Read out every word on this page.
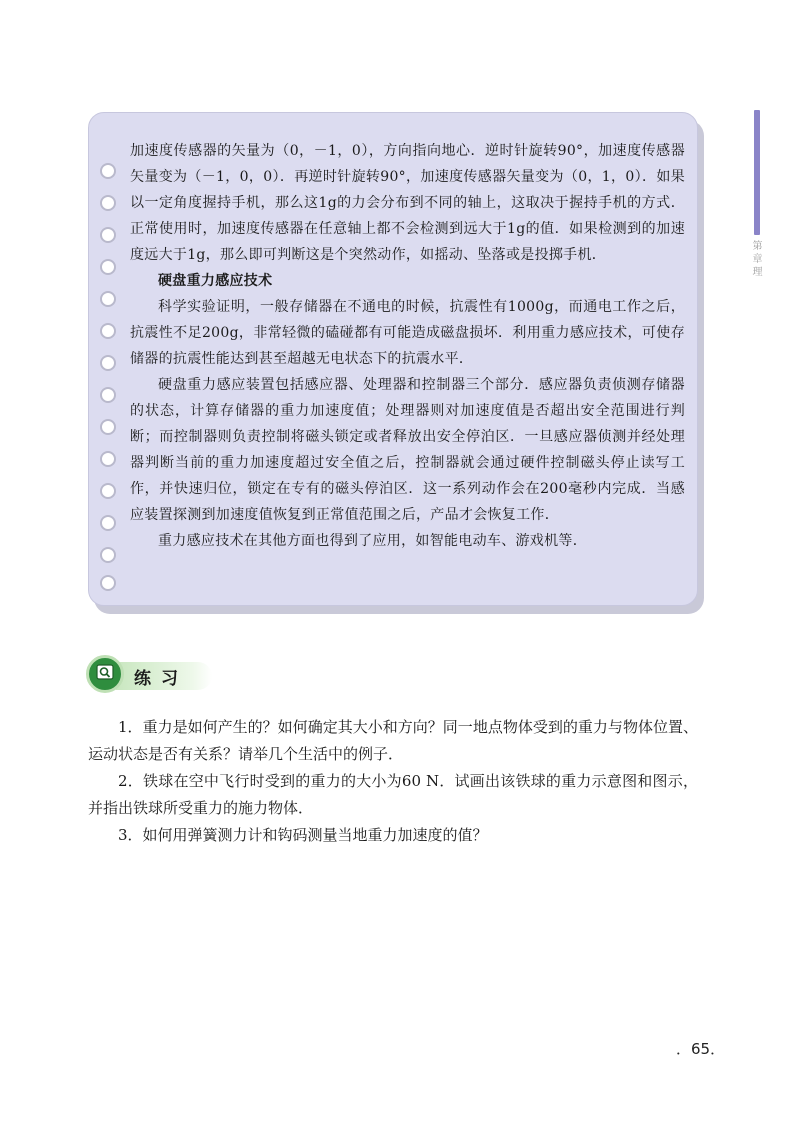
第 章 理

加速度传感器的矢量为（0，－1，0），方向指向地心．逆时针旋转90°，加速度传感器矢量变为（－1，0，0）．再逆时针旋转90°，加速度传感器矢量变为（0，1，0）．如果以一定角度握持手机，那么这1g的力会分布到不同的轴上，这取决于握持手机的方式．正常使用时，加速度传感器在任意轴上都不会检测到远大于1g的值．如果检测到的加速度远大于1g，那么即可判断这是个突然动作，如摇动、坠落或是投掷手机．

硬盘重力感应技术

科学实验证明，一般存储器在不通电的时候，抗震性有1000g，而通电工作之后，抗震性不足200g，非常轻微的磕碰都有可能造成磁盘损坏．利用重力感应技术，可使存储器的抗震性能达到甚至超越无电状态下的抗震水平．

硬盘重力感应装置包括感应器、处理器和控制器三个部分．感应器负责侦测存储器的状态，计算存储器的重力加速度值；处理器则对加速度值是否超出安全范围进行判断；而控制器则负责控制将磁头锁定或者释放出安全停泊区．一旦感应器侦测并经处理器判断当前的重力加速度超过安全值之后，控制器就会通过硬件控制磁头停止读写工作，并快速归位，锁定在专有的磁头停泊区．这一系列动作会在200毫秒内完成．当感应装置探测到加速度值恢复到正常值范围之后，产品才会恢复工作．

重力感应技术在其他方面也得到了应用，如智能电动车、游戏机等．

练习

1．重力是如何产生的？如何确定其大小和方向？同一地点物体受到的重力与物体位置、运动状态是否有关系？请举几个生活中的例子．

2．铁球在空中飞行时受到的重力的大小为60 N．试画出该铁球的重力示意图和图示，并指出铁球所受重力的施力物体．

3．如何用弹簧测力计和钩码测量当地重力加速度的值？

．65．
